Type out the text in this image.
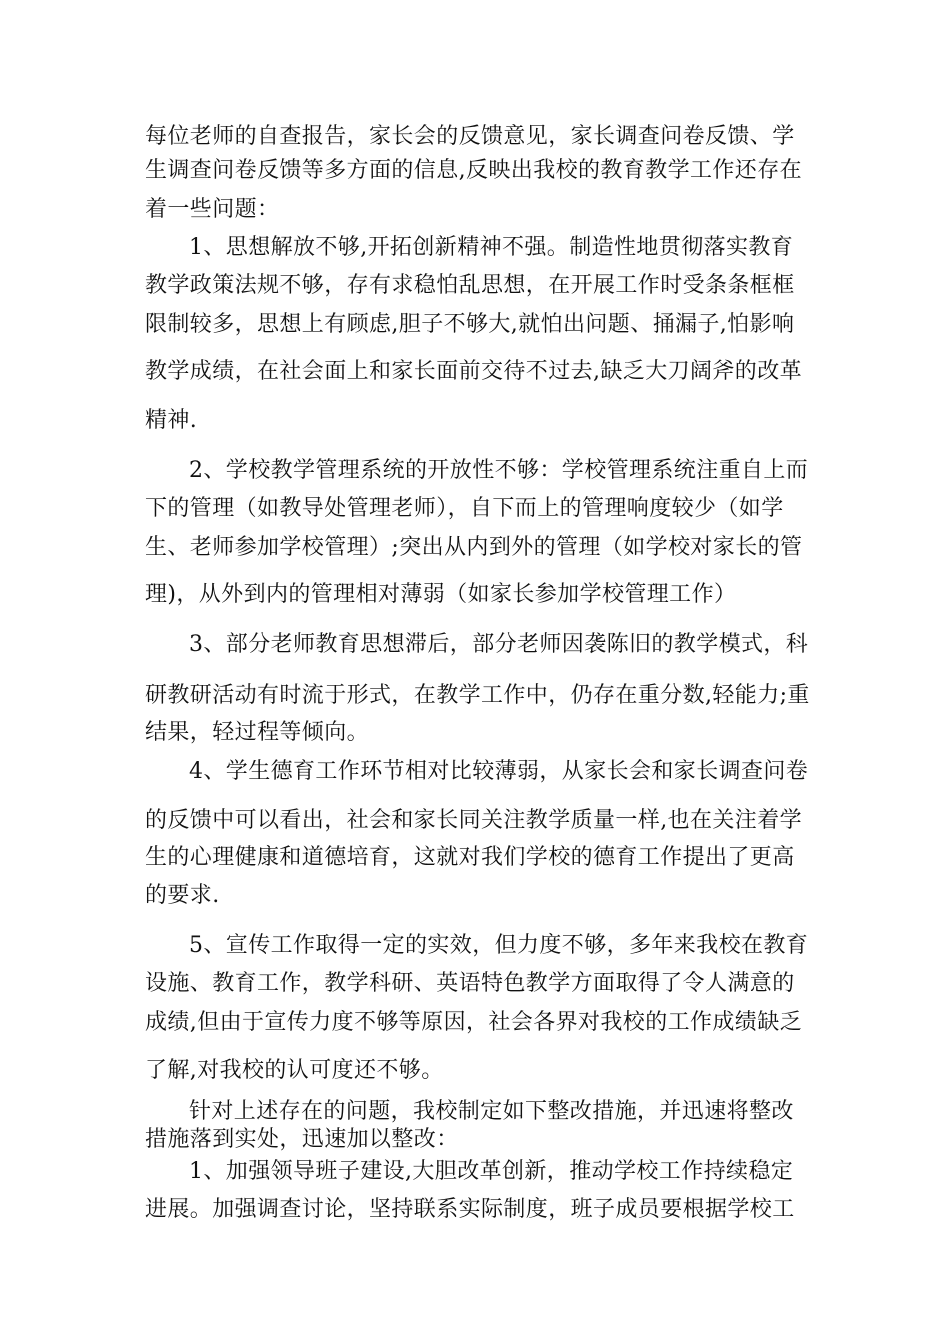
每位老师的自查报告，家长会的反馈意见，家长调查问卷反馈、学

生调查问卷反馈等多方面的信息,反映出我校的教育教学工作还存在

着一些问题：

1、思想解放不够,开拓创新精神不强。制造性地贯彻落实教育

教学政策法规不够，存有求稳怕乱思想，在开展工作时受条条框框

限制较多，思想上有顾虑,胆子不够大,就怕出问题、捅漏子,怕影响

教学成绩，在社会面上和家长面前交待不过去,缺乏大刀阔斧的改革

精神.

2、学校教学管理系统的开放性不够：学校管理系统注重自上而

下的管理（如教导处管理老师），自下而上的管理响度较少（如学

生、老师参加学校管理）;突出从内到外的管理（如学校对家长的管

理)，从外到内的管理相对薄弱（如家长参加学校管理工作）

3、部分老师教育思想滞后，部分老师因袭陈旧的教学模式，科

研教研活动有时流于形式，在教学工作中，仍存在重分数,轻能力;重

结果，轻过程等倾向。

4、学生德育工作环节相对比较薄弱，从家长会和家长调查问卷

的反馈中可以看出，社会和家长同关注教学质量一样,也在关注着学

生的心理健康和道德培育，这就对我们学校的德育工作提出了更高

的要求.

5、宣传工作取得一定的实效，但力度不够，多年来我校在教育

设施、教育工作，教学科研、英语特色教学方面取得了令人满意的

成绩,但由于宣传力度不够等原因，社会各界对我校的工作成绩缺乏

了解,对我校的认可度还不够。

针对上述存在的问题，我校制定如下整改措施，并迅速将整改

措施落到实处，迅速加以整改：

1、加强领导班子建设,大胆改革创新，推动学校工作持续稳定

进展。加强调查讨论，坚持联系实际制度，班子成员要根据学校工
